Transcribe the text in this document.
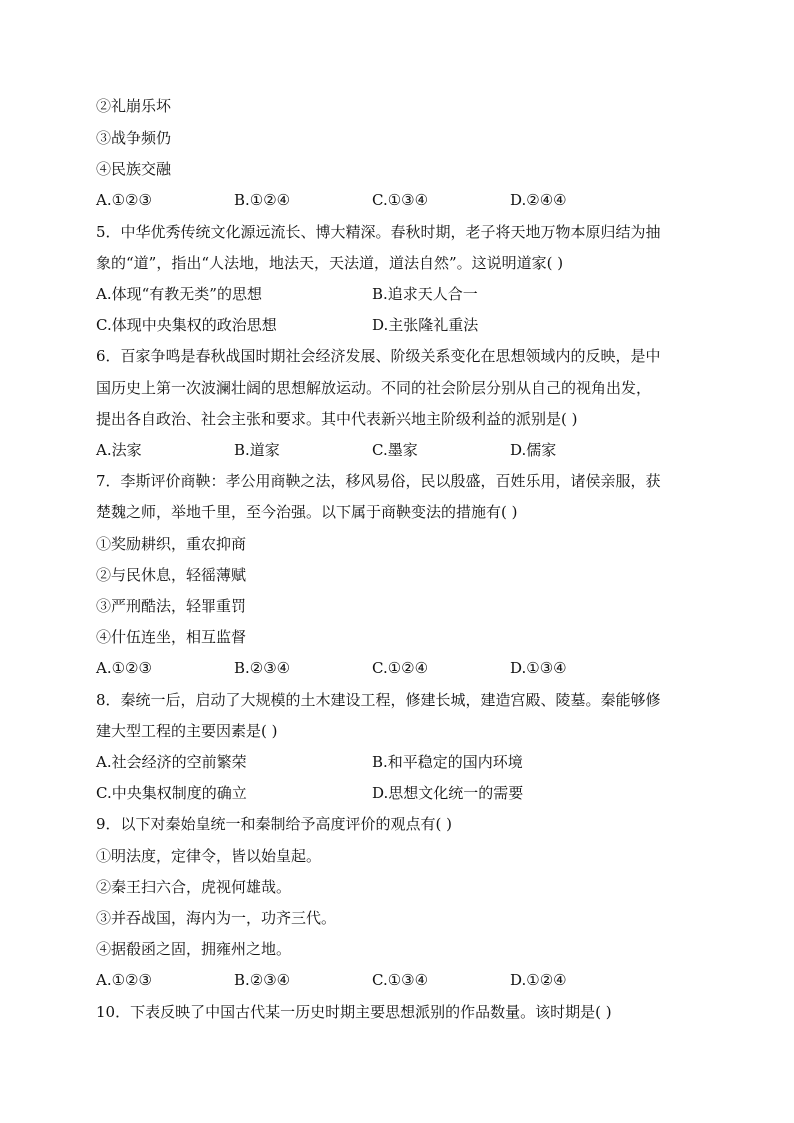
②礼崩乐坏
③战争频仍
④民族交融
A.①②③	B.①②④	C.①③④	D.②④④
5．中华优秀传统文化源远流长、博大精深。春秋时期，老子将天地万物本原归结为抽
象的“道”，指出“人法地，地法天，天法道，道法自然”。这说明道家( )
A.体现“有教无类”的思想	B.追求天人合一
C.体现中央集权的政治思想	D.主张隆礼重法
6．百家争鸣是春秋战国时期社会经济发展、阶级关系变化在思想领域内的反映，是中
国历史上第一次波澜壮阔的思想解放运动。不同的社会阶层分别从自己的视角出发，
提出各自政治、社会主张和要求。其中代表新兴地主阶级利益的派别是( )
A.法家	B.道家	C.墨家	D.儒家
7．李斯评价商鞅：孝公用商鞅之法，移风易俗，民以殷盛，百姓乐用，诸侯亲服，获
楚魏之师，举地千里，至今治强。以下属于商鞅变法的措施有( )
①奖励耕织，重农抑商
②与民休息，轻徭薄赋
③严刑酷法，轻罪重罚
④什伍连坐，相互监督
A.①②③	B.②③④	C.①②④	D.①③④
8．秦统一后，启动了大规模的土木建设工程，修建长城，建造宫殿、陵墓。秦能够修
建大型工程的主要因素是( )
A.社会经济的空前繁荣	B.和平稳定的国内环境
C.中央集权制度的确立	D.思想文化统一的需要
9．以下对秦始皇统一和秦制给予高度评价的观点有( )
①明法度，定律令，皆以始皇起。
②秦王扫六合，虎视何雄哉。
③并吞战国，海内为一，功齐三代。
④据殽函之固，拥雍州之地。
A.①②③	B.②③④	C.①③④	D.①②④
10．下表反映了中国古代某一历史时期主要思想派别的作品数量。该时期是( )
